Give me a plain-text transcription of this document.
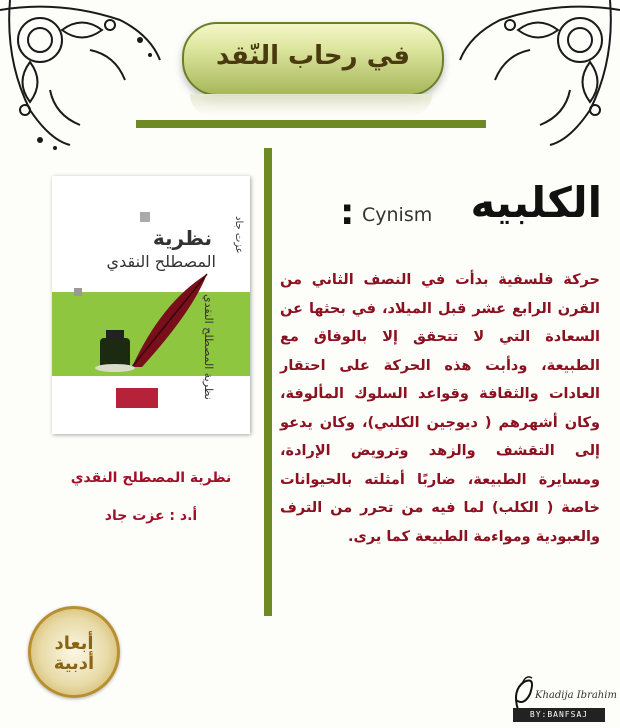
في رحاب النّقد
نظرية
المصطلح النقدي
عزت جاد
نظرية المصطلح النقدي
نظرية المصطلح النقدي
أ.د : عزت جاد
الكلبيه
Cynism
:
حركة فلسفية بدأت في النصف الثاني من القرن الرابع عشر قبل الميلاد، في بحثها عن السعادة التي لا تتحقق إلا بالوفاق مع الطبيعة، ودأبت هذه الحركة على احتقار العادات والثقافة وقواعد السلوك المألوفة، وكان أشهرهم ( ديوجين الكلبي)، وكان يدعو إلى التقشف والزهد وترويض الإرادة، ومسايرة الطبيعة، ضاربًا أمثلته بالحيوانات خاصة ( الكلب) لما فيه من تحرر من الترف والعبودية ومواءمة الطبيعة كما يرى.
أبعاد
أدبية
Khadija Ibrahim
BY:BANFSAJ
